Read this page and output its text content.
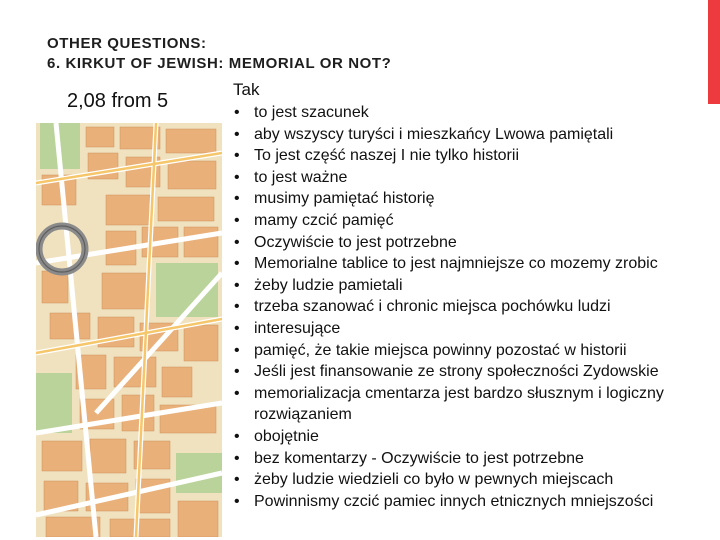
OTHER QUESTIONS:
6. KIRKUT OF JEWISH: MEMORIAL OR NOT?
2,08 from 5
Tak
• to jest szacunek
• aby wszyscy turyści i mieszkańcy Lwowa pamiętali
• To jest część naszej I nie tylko historii
• to jest ważne
• musimy pamiętać historię
• mamy czcić pamięć
• Oczywiście to jest potrzebne
• Memorialne tablice to jest najmniejsze co mozemy zrobic
• żeby ludzie pamietali
• trzeba szanować i chronic miejsca pochówku ludzi
• interesujące
• pamięć, że takie miejsca powinny pozostać w historii
• Jeśli jest finansowanie ze strony społeczności Zydowskie
• memorializacja cmentarza jest bardzo słusznym i logiczny rozwiązaniem
• obojętnie
• bez komentarzy - Oczywiście to jest potrzebne
• żeby ludzie wiedzieli co było w pewnych miejscach
• Powinnismy czcić pamiec innych etnicznych mniejszości
